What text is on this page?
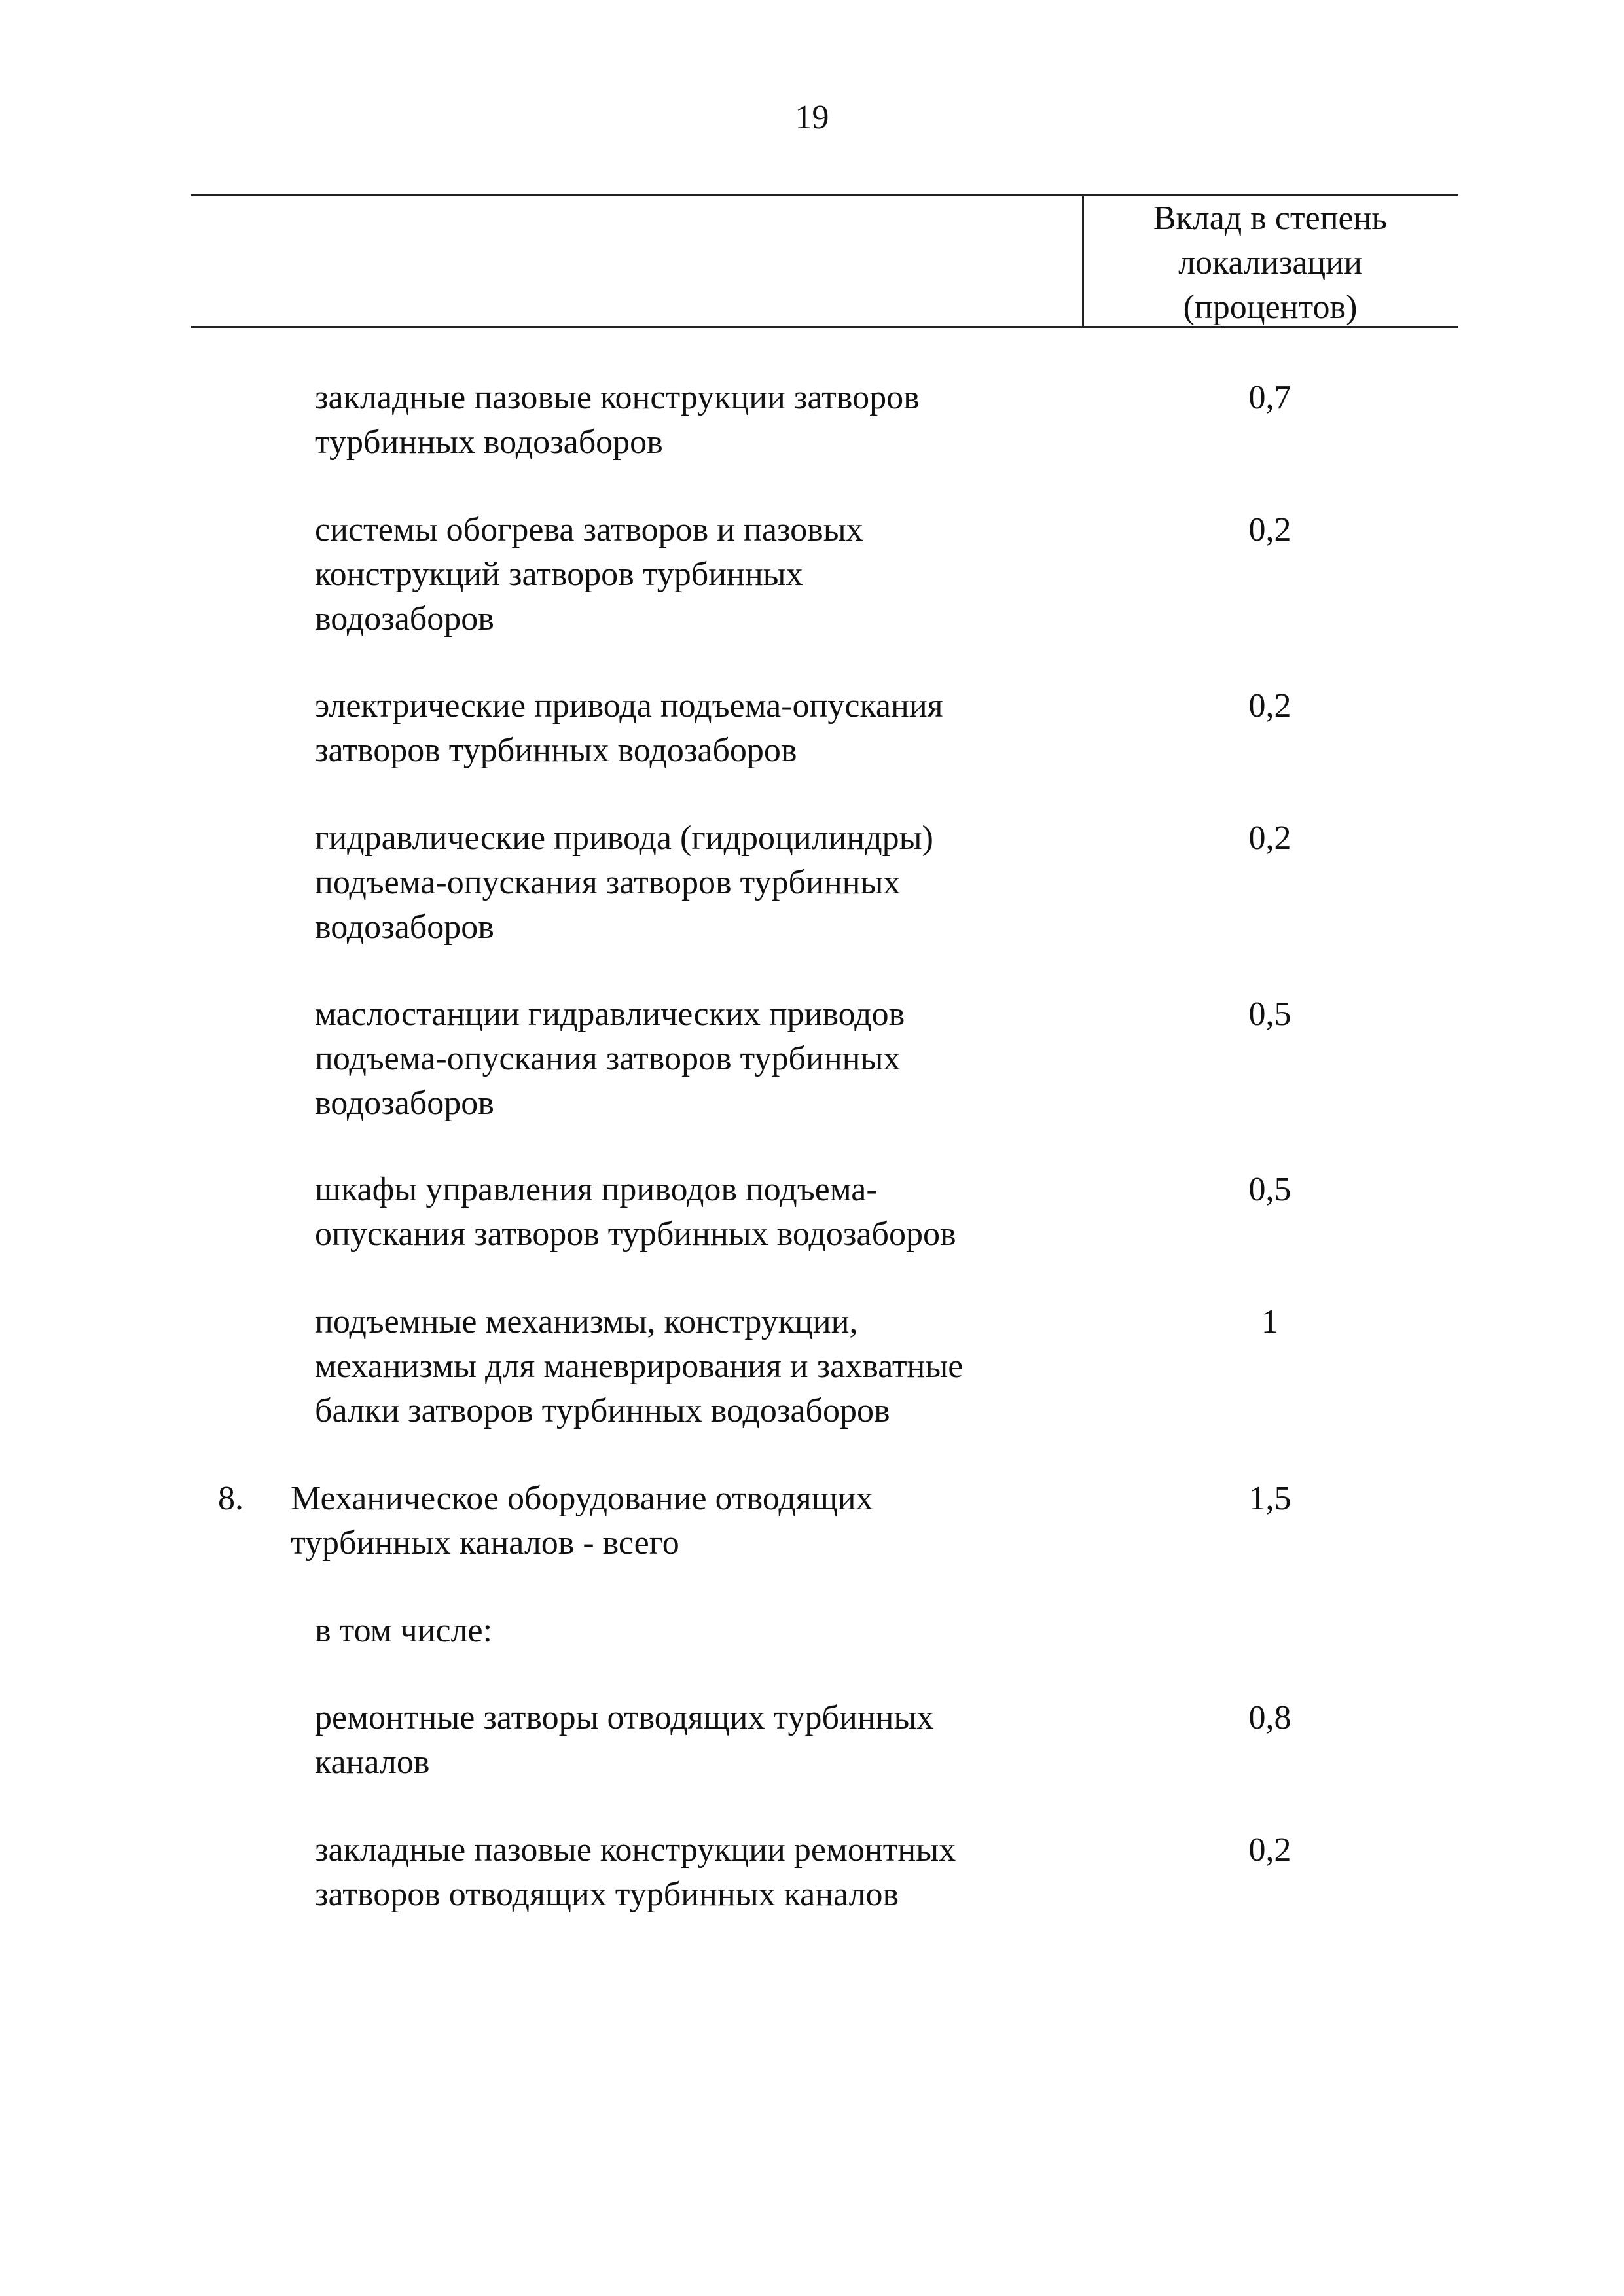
19
Вклад в степень
локализации
(процентов)
закладные пазовые конструкции затворов
турбинных водозаборов
0,7
системы обогрева затворов и пазовых
конструкций затворов турбинных
водозаборов
0,2
электрические привода подъема-опускания
затворов турбинных водозаборов
0,2
гидравлические привода (гидроцилиндры)
подъема-опускания затворов турбинных
водозаборов
0,2
маслостанции гидравлических приводов
подъема-опускания затворов турбинных
водозаборов
0,5
шкафы управления приводов подъема-
опускания затворов турбинных водозаборов
0,5
подъемные механизмы, конструкции,
механизмы для маневрирования и захватные
балки затворов турбинных водозаборов
1
8. Механическое оборудование отводящих
турбинных каналов - всего
1,5
в том числе:
ремонтные затворы отводящих турбинных
каналов
0,8
закладные пазовые конструкции ремонтных
затворов отводящих турбинных каналов
0,2
